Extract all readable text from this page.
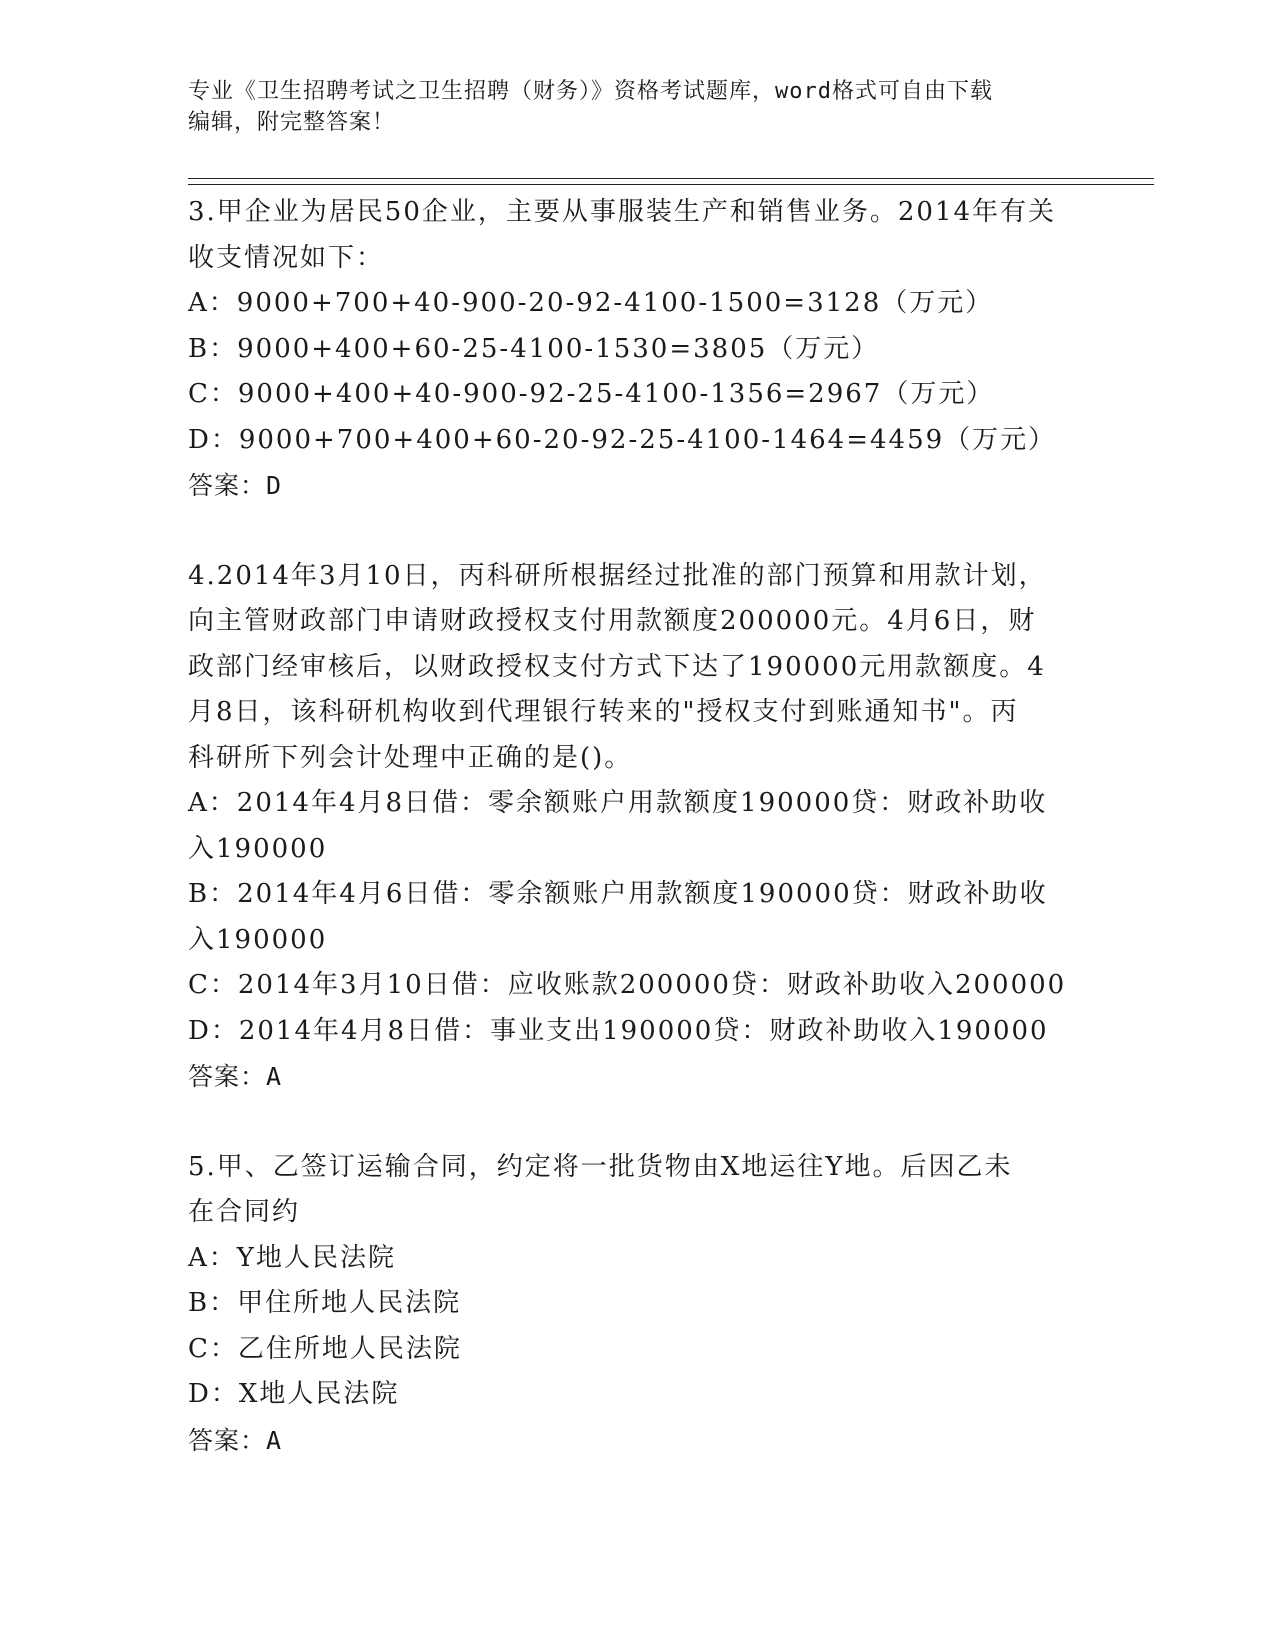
专业《卫生招聘考试之卫生招聘（财务）》资格考试题库，word格式可自由下载
编辑，附完整答案！
3.甲企业为居民50企业，主要从事服装生产和销售业务。2014年有关
收支情况如下：
A：9000+700+40-900-20-92-4100-1500=3128（万元）
B：9000+400+60-25-4100-1530=3805（万元）
C：9000+400+40-900-92-25-4100-1356=2967（万元）
D：9000+700+400+60-20-92-25-4100-1464=4459（万元）
答案：D
4.2014年3月10日，丙科研所根据经过批准的部门预算和用款计划，
向主管财政部门申请财政授权支付用款额度200000元。4月6日，财
政部门经审核后，以财政授权支付方式下达了190000元用款额度。4
月8日，该科研机构收到代理银行转来的"授权支付到账通知书"。丙
科研所下列会计处理中正确的是()。
A：2014年4月8日借：零余额账户用款额度190000贷：财政补助收
入190000
B：2014年4月6日借：零余额账户用款额度190000贷：财政补助收
入190000
C：2014年3月10日借：应收账款200000贷：财政补助收入200000
D：2014年4月8日借：事业支出190000贷：财政补助收入190000
答案：A
5.甲、乙签订运输合同，约定将一批货物由X地运往Y地。后因乙未
在合同约
A：Y地人民法院
B：甲住所地人民法院
C：乙住所地人民法院
D：X地人民法院
答案：A
